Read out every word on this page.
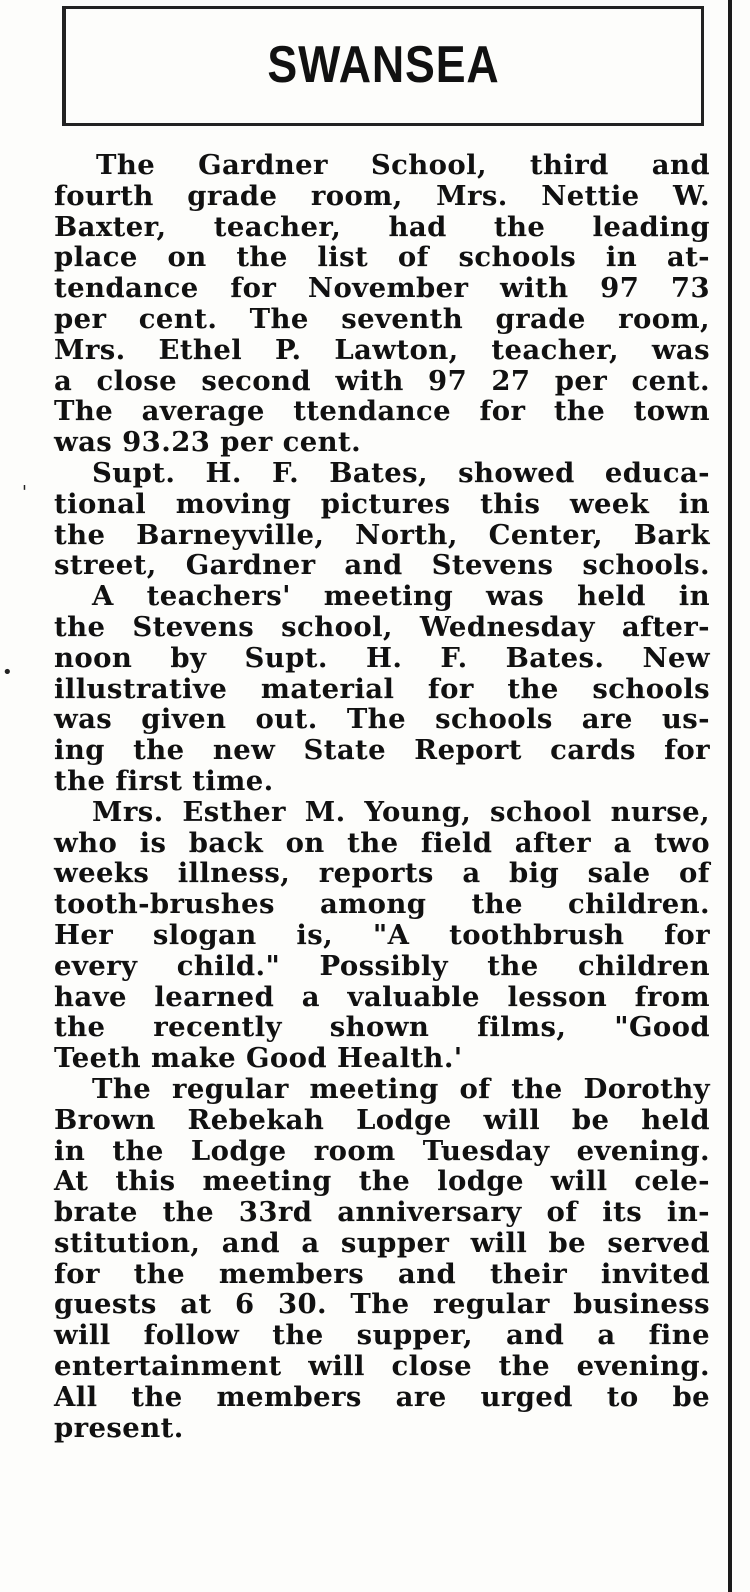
SWANSEA
•
'
The Gardner School, third and
fourth grade room, Mrs. Nettie W.
Baxter, teacher, had the leading
place on the list of schools in at-
tendance for November with 97 73
per cent. The seventh grade room,
Mrs. Ethel P. Lawton, teacher, was
a close second with 97 27 per cent.
The average ttendance for the town
was 93.23 per cent.
Supt. H. F. Bates, showed educa-
tional moving pictures this week in
the Barneyville, North, Center, Bark
street, Gardner and Stevens schools.
A teachers' meeting was held in
the Stevens school, Wednesday after-
noon by Supt. H. F. Bates. New
illustrative material for the schools
was given out. The schools are us-
ing the new State Report cards for
the first time.
Mrs. Esther M. Young, school nurse,
who is back on the field after a two
weeks illness, reports a big sale of
tooth-brushes among the children.
Her slogan is, "A toothbrush for
every child." Possibly the children
have learned a valuable lesson from
the recently shown films, "Good
Teeth make Good Health.'
The regular meeting of the Dorothy
Brown Rebekah Lodge will be held
in the Lodge room Tuesday evening.
At this meeting the lodge will cele-
brate the 33rd anniversary of its in-
stitution, and a supper will be served
for the members and their invited
guests at 6 30. The regular business
will follow the supper, and a fine
entertainment will close the evening.
All the members are urged to be
present.
